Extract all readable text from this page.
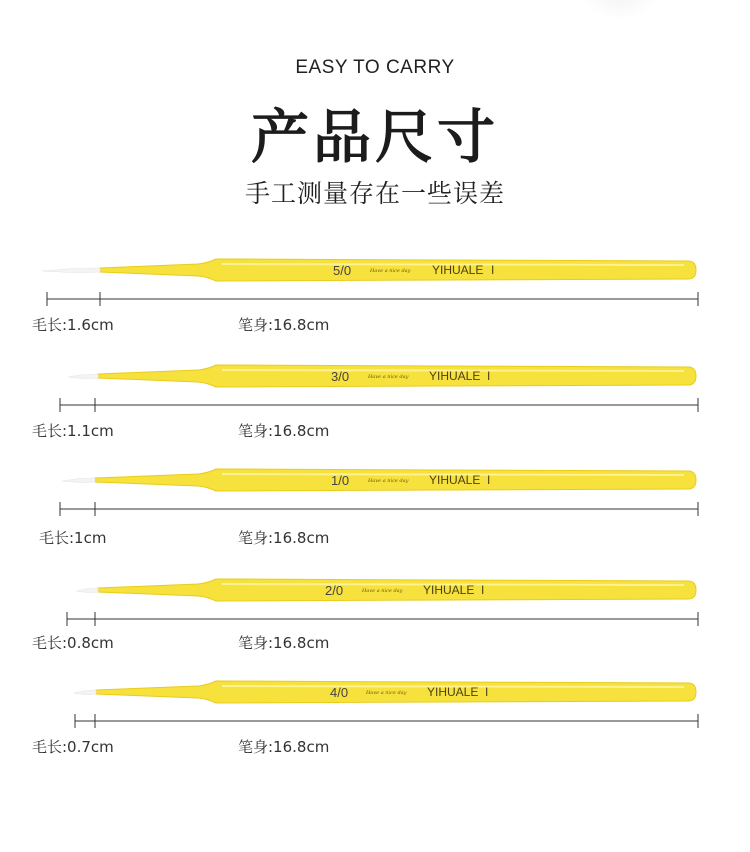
EASY TO CARRY
产品尺寸
手工测量存在一些误差
5/0	Have a nice day YIHUALE I
毛长:1.6cm	笔身:16.8cm
3/0	Have a nice day YIHUALE I
毛长:1.1cm	笔身:16.8cm
1/0	Have a nice day YIHUALE I
毛长:1cm	笔身:16.8cm
2/0	Have a nice day YIHUALE I
毛长:0.8cm	笔身:16.8cm
4/0	Have a nice day YIHUALE I
毛长:0.7cm	笔身:16.8cm
